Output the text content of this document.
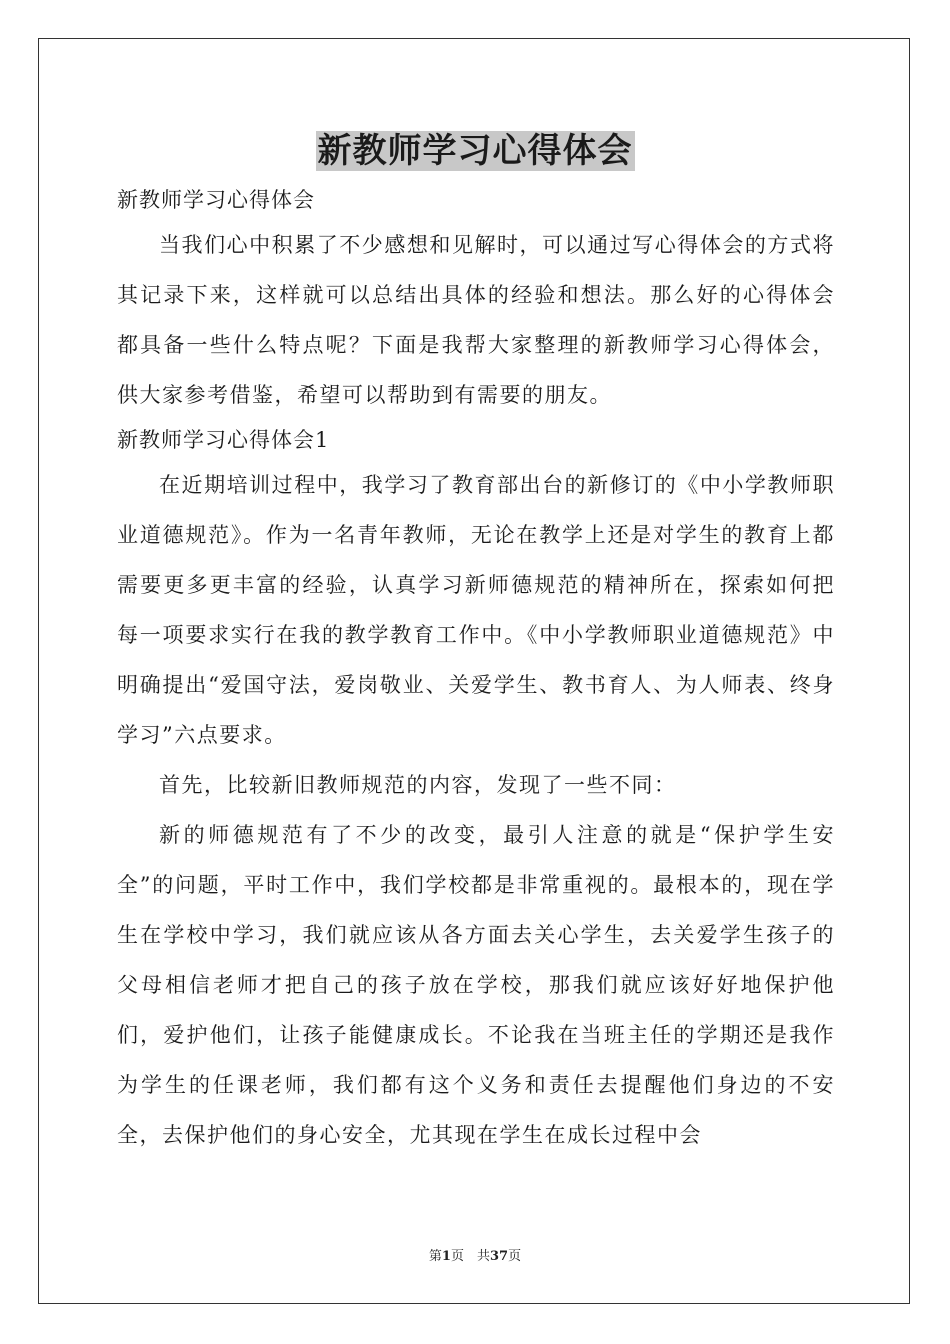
新教师学习心得体会

新教师学习心得体会

当我们心中积累了不少感想和见解时，可以通过写心得体会的方式将其记录下来，这样就可以总结出具体的经验和想法。那么好的心得体会都具备一些什么特点呢？下面是我帮大家整理的新教师学习心得体会，供大家参考借鉴，希望可以帮助到有需要的朋友。

新教师学习心得体会1

在近期培训过程中，我学习了教育部出台的新修订的《中小学教师职业道德规范》。作为一名青年教师，无论在教学上还是对学生的教育上都需要更多更丰富的经验，认真学习新师德规范的精神所在，探索如何把每一项要求实行在我的教学教育工作中。《中小学教师职业道德规范》中明确提出“爱国守法，爱岗敬业、关爱学生、教书育人、为人师表、终身学习”六点要求。

首先，比较新旧教师规范的内容，发现了一些不同：

新的师德规范有了不少的改变，最引人注意的就是“保护学生安全”的问题，平时工作中，我们学校都是非常重视的。最根本的，现在学生在学校中学习，我们就应该从各方面去关心学生，去关爱学生孩子的父母相信老师才把自己的孩子放在学校，那我们就应该好好地保护他们，爱护他们，让孩子能健康成长。不论我在当班主任的学期还是我作为学生的任课老师，我们都有这个义务和责任去提醒他们身边的不安全，去保护他们的身心安全，尤其现在学生在成长过程中会

第1页　共37页
